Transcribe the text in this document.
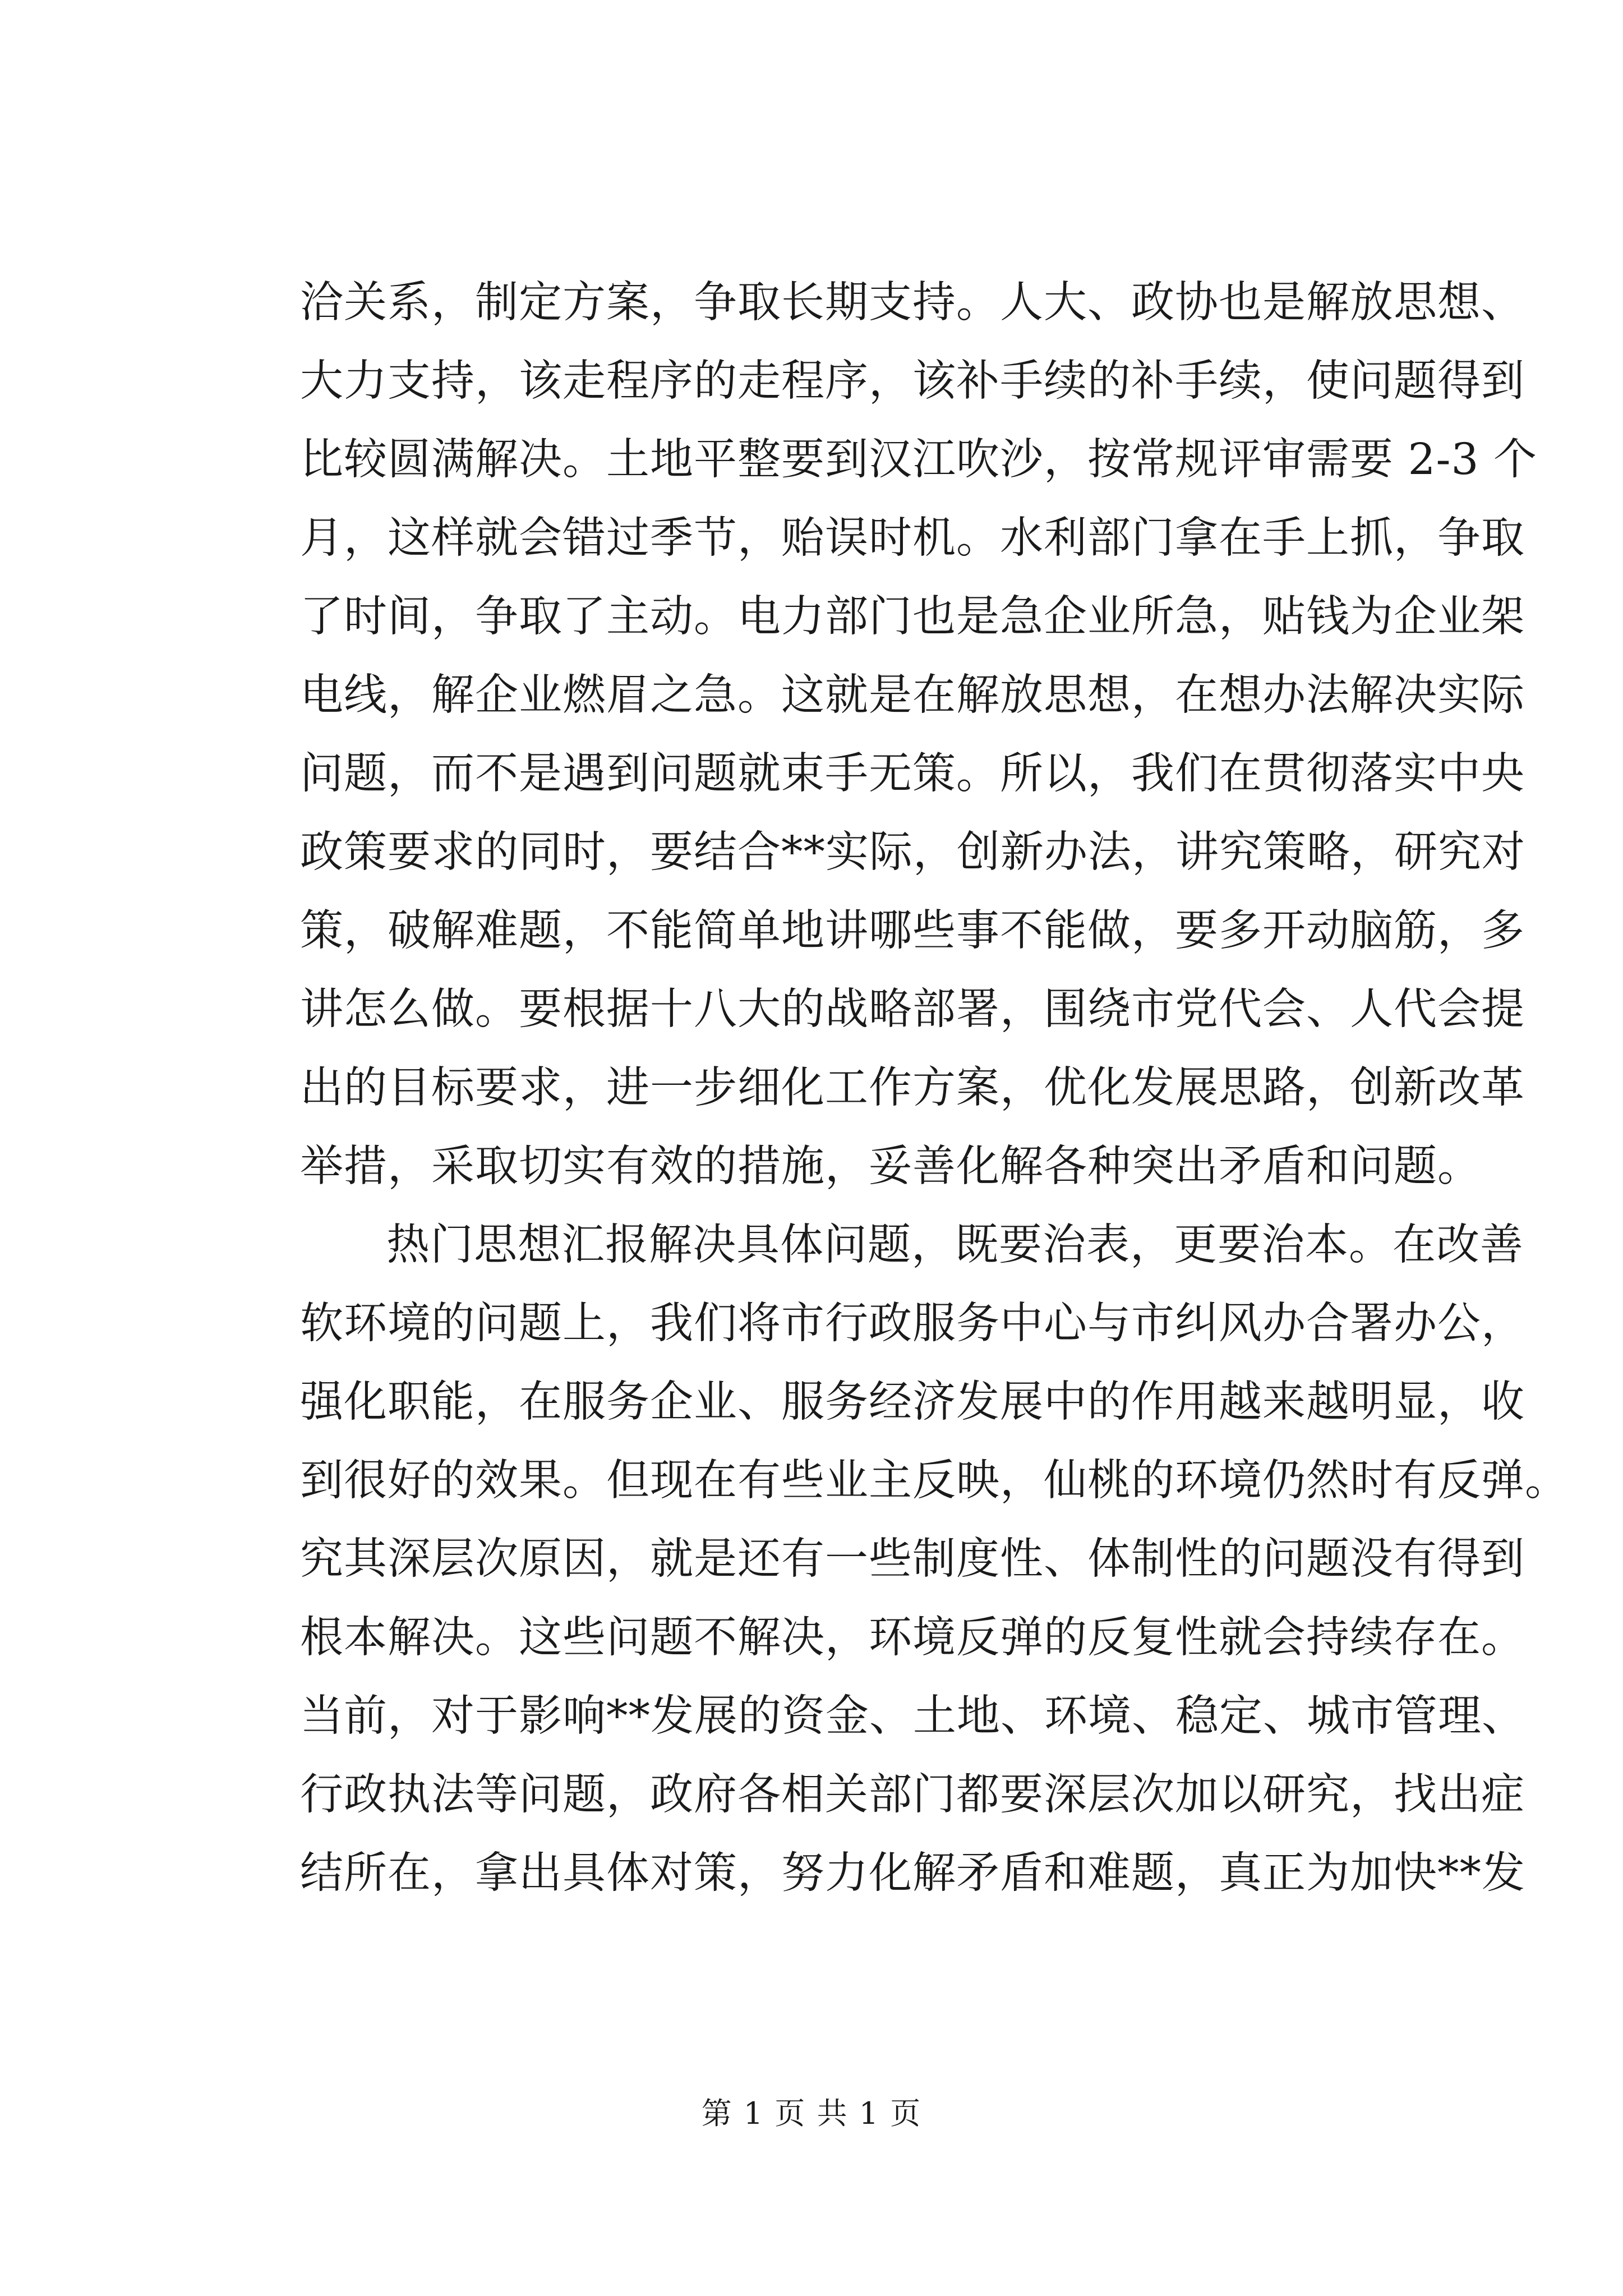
洽关系，制定方案，争取长期支持。人大、政协也是解放思想、
大力支持，该走程序的走程序，该补手续的补手续，使问题得到
比较圆满解决。土地平整要到汉江吹沙，按常规评审需要 2-3 个
月，这样就会错过季节，贻误时机。水利部门拿在手上抓，争取
了时间，争取了主动。电力部门也是急企业所急，贴钱为企业架
电线，解企业燃眉之急。这就是在解放思想，在想办法解决实际
问题，而不是遇到问题就束手无策。所以，我们在贯彻落实中央
政策要求的同时，要结合**实际，创新办法，讲究策略，研究对
策，破解难题，不能简单地讲哪些事不能做，要多开动脑筋，多
讲怎么做。要根据十八大的战略部署，围绕市党代会、人代会提
出的目标要求，进一步细化工作方案，优化发展思路，创新改革
举措，采取切实有效的措施，妥善化解各种突出矛盾和问题。
热门思想汇报解决具体问题，既要治表，更要治本。在改善
软环境的问题上，我们将市行政服务中心与市纠风办合署办公，
强化职能，在服务企业、服务经济发展中的作用越来越明显，收
到很好的效果。但现在有些业主反映，仙桃的环境仍然时有反弹。
究其深层次原因，就是还有一些制度性、体制性的问题没有得到
根本解决。这些问题不解决，环境反弹的反复性就会持续存在。
当前，对于影响**发展的资金、土地、环境、稳定、城市管理、
行政执法等问题，政府各相关部门都要深层次加以研究，找出症
结所在，拿出具体对策，努力化解矛盾和难题，真正为加快**发
第 1 页 共 1 页
